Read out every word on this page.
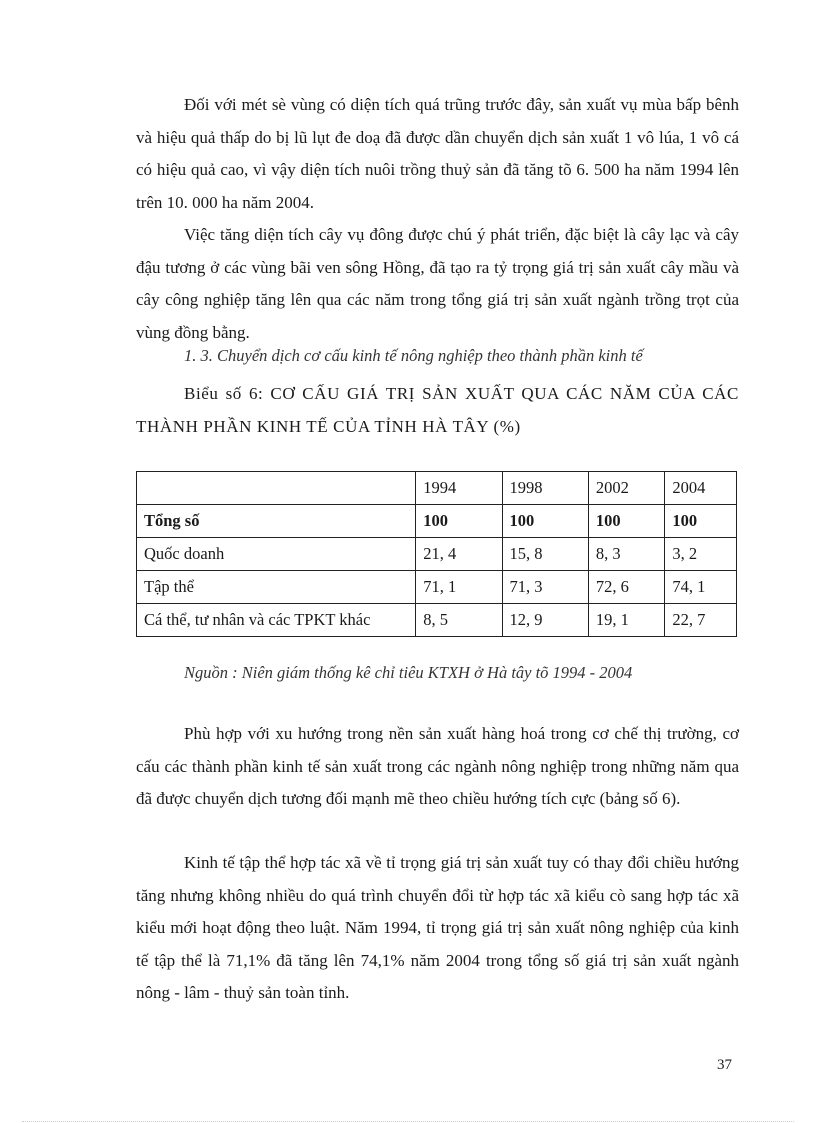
Đối với mét sè vùng có diện tích quá trũng trước đây, sản xuất vụ mùa bấp bênh và hiệu quả thấp do bị lũ lụt đe doạ đã được dần chuyển dịch sản xuất 1 vô lúa, 1 vô cá có hiệu quả cao, vì vậy diện tích nuôi trồng thuỷ sản đã tăng tõ 6. 500 ha năm 1994 lên trên 10. 000 ha năm 2004.

Việc tăng diện tích cây vụ đông được chú ý phát triển, đặc biệt là cây lạc và cây đậu tương ở các vùng bãi ven sông Hồng, đã tạo ra tỷ trọng giá trị sản xuất cây mầu và cây công nghiệp tăng lên qua các năm trong tổng giá trị sản xuất ngành trồng trọt của vùng đồng bằng.

1. 3. Chuyển dịch cơ cấu kinh tế nông nghiệp theo thành phần kinh tế

Biểu số 6: CƠ CẤU GIÁ TRỊ SẢN XUẤT QUA CÁC NĂM CỦA CÁC THÀNH PHẦN KINH TẾ CỦA TỈNH HÀ TÂY (%)

	1994	1998	2002	2004
Tổng số	100	100	100	100
Quốc doanh	21, 4	15, 8	8, 3	3, 2
Tập thể	71, 1	71, 3	72, 6	74, 1
Cá thể, tư nhân và các TPKT khác	8, 5	12, 9	19, 1	22, 7

Nguồn : Niên giám thống kê chỉ tiêu KTXH ở Hà tây tõ 1994 - 2004

Phù hợp với xu hướng trong nền sản xuất hàng hoá trong cơ chế thị trường, cơ cấu các thành phần kinh tế sản xuất trong các ngành nông nghiệp trong những năm qua đã được chuyển dịch tương đối mạnh mẽ theo chiều hướng tích cực (bảng số 6).

Kinh tế tập thể hợp tác xã về tỉ trọng giá trị sản xuất tuy có thay đổi chiều hướng tăng nhưng không nhiều do quá trình chuyển đổi từ hợp tác xã kiểu cò sang hợp tác xã kiểu mới hoạt động theo luật. Năm 1994, tỉ trọng giá trị sản xuất nông nghiệp của kinh tế tập thể là 71,1% đã tăng lên 74,1% năm 2004 trong tổng số giá trị sản xuất ngành nông - lâm - thuỷ sản toàn tỉnh.

37
